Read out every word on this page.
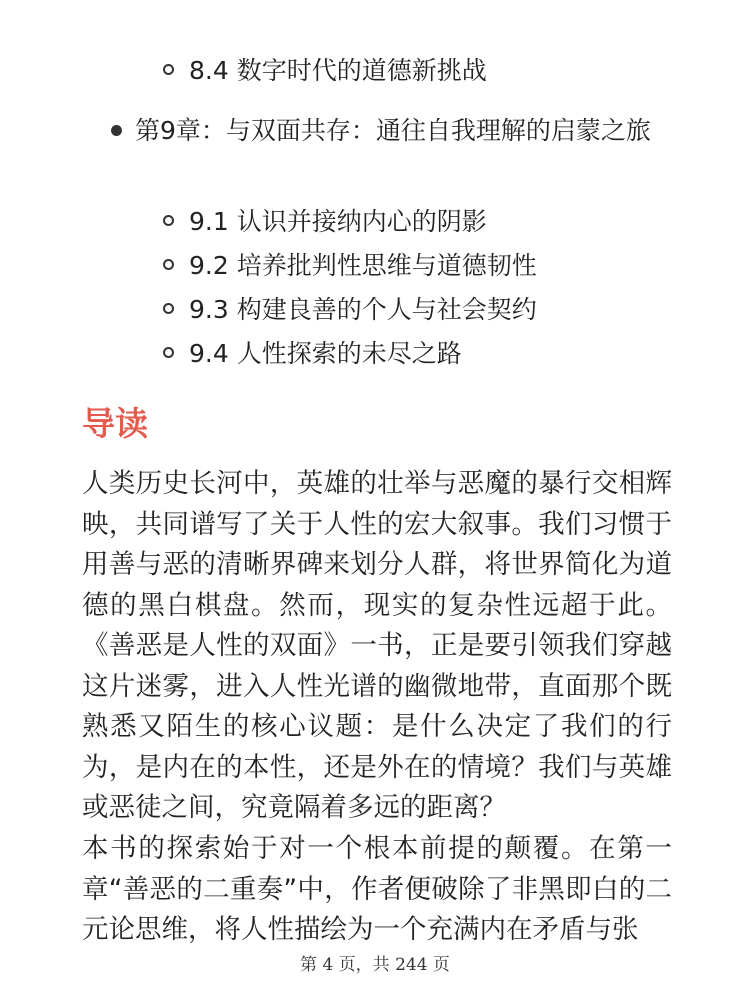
8.4 数字时代的道德新挑战
第9章：与双面共存：通往自我理解的启蒙之旅
9.1 认识并接纳内心的阴影
9.2 培养批判性思维与道德韧性
9.3 构建良善的个人与社会契约
9.4 人性探索的未尽之路
导读

人类历史长河中，英雄的壮举与恶魔的暴行交相辉映，共同谱写了关于人性的宏大叙事。我们习惯于用善与恶的清晰界碑来划分人群，将世界简化为道德的黑白棋盘。然而，现实的复杂性远超于此。《善恶是人性的双面》一书，正是要引领我们穿越这片迷雾，进入人性光谱的幽微地带，直面那个既熟悉又陌生的核心议题：是什么决定了我们的行为，是内在的本性，还是外在的情境？我们与英雄或恶徒之间，究竟隔着多远的距离？

本书的探索始于对一个根本前提的颠覆。在第一章“善恶的二重奏”中，作者便破除了非黑即白的二元论思维，将人性描绘为一个充满内在矛盾与张

第 4 页，共 244 页
